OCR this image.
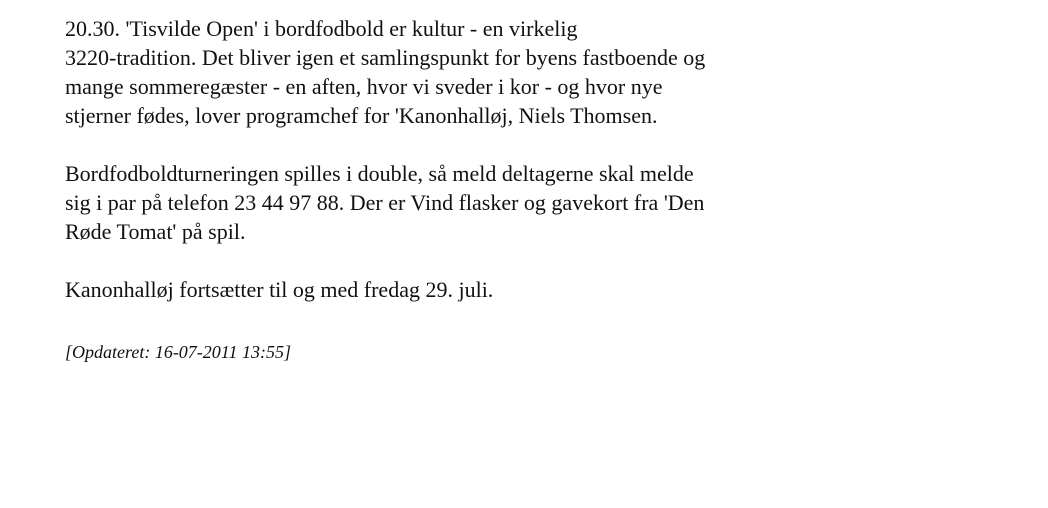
20.30. 'Tisvilde Open' i bordfodbold er kultur - en virkelig
3220-tradition. Det bliver igen et samlingspunkt for byens fastboende og
mange sommeregæster - en aften, hvor vi sveder i kor - og hvor nye
stjerner fødes, lover programchef for 'Kanonhalløj, Niels Thomsen.

Bordfodboldturneringen spilles i double, så meld deltagerne skal melde
sig i par på telefon 23 44 97 88. Der er Vind flasker og gavekort fra 'Den
Røde Tomat' på spil.

Kanonhalløj fortsætter til og med fredag 29. juli.

[Opdateret: 16-07-2011 13:55]
